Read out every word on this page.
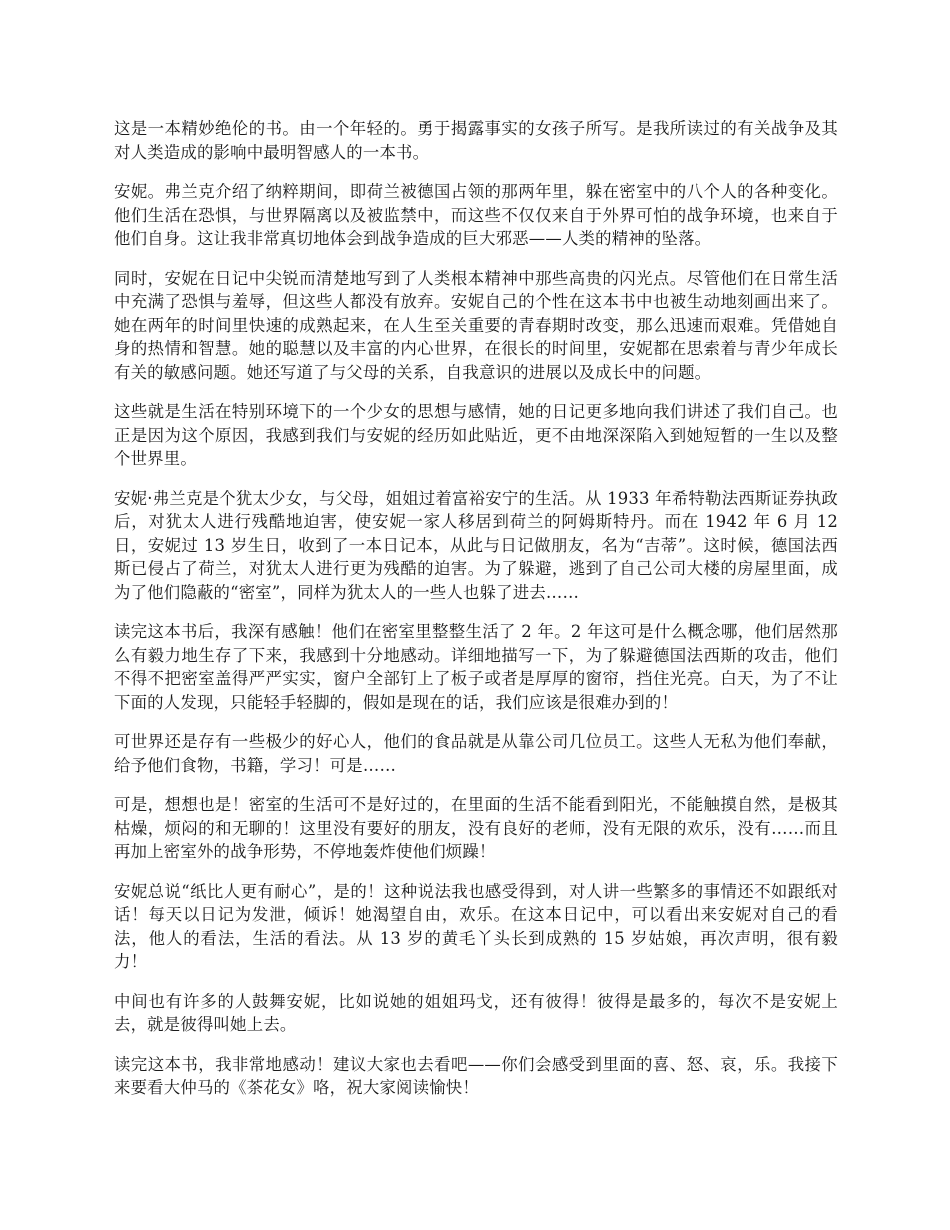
这是一本精妙绝伦的书。由一个年轻的。勇于揭露事实的女孩子所写。是我所读过的有关战争及其对人类造成的影响中最明智感人的一本书。

安妮。弗兰克介绍了纳粹期间，即荷兰被德国占领的那两年里，躲在密室中的八个人的各种变化。他们生活在恐惧，与世界隔离以及被监禁中，而这些不仅仅来自于外界可怕的战争环境，也来自于他们自身。这让我非常真切地体会到战争造成的巨大邪恶——人类的精神的坠落。

同时，安妮在日记中尖锐而清楚地写到了人类根本精神中那些高贵的闪光点。尽管他们在日常生活中充满了恐惧与羞辱，但这些人都没有放弃。安妮自己的个性在这本书中也被生动地刻画出来了。她在两年的时间里快速的成熟起来，在人生至关重要的青春期时改变，那么迅速而艰难。凭借她自身的热情和智慧。她的聪慧以及丰富的内心世界，在很长的时间里，安妮都在思索着与青少年成长有关的敏感问题。她还写道了与父母的关系，自我意识的进展以及成长中的问题。

这些就是生活在特别环境下的一个少女的思想与感情，她的日记更多地向我们讲述了我们自己。也正是因为这个原因，我感到我们与安妮的经历如此贴近，更不由地深深陷入到她短暂的一生以及整个世界里。

安妮·弗兰克是个犹太少女，与父母，姐姐过着富裕安宁的生活。从 1933 年希特勒法西斯证券执政后，对犹太人进行残酷地迫害，使安妮一家人移居到荷兰的阿姆斯特丹。而在 1942 年 6 月 12 日，安妮过 13 岁生日，收到了一本日记本，从此与日记做朋友，名为“吉蒂”。这时候，德国法西斯已侵占了荷兰，对犹太人进行更为残酷的迫害。为了躲避，逃到了自己公司大楼的房屋里面，成为了他们隐蔽的“密室”，同样为犹太人的一些人也躲了进去……

读完这本书后，我深有感触！他们在密室里整整生活了 2 年。2 年这可是什么概念哪，他们居然那么有毅力地生存了下来，我感到十分地感动。详细地描写一下，为了躲避德国法西斯的攻击，他们不得不把密室盖得严严实实，窗户全部钉上了板子或者是厚厚的窗帘，挡住光亮。白天，为了不让下面的人发现，只能轻手轻脚的，假如是现在的话，我们应该是很难办到的！

可世界还是存有一些极少的好心人，他们的食品就是从靠公司几位员工。这些人无私为他们奉献，给予他们食物，书籍，学习！可是……

可是，想想也是！密室的生活可不是好过的，在里面的生活不能看到阳光，不能触摸自然，是极其枯燥，烦闷的和无聊的！这里没有要好的朋友，没有良好的老师，没有无限的欢乐，没有……而且再加上密室外的战争形势，不停地轰炸使他们烦躁！

安妮总说“纸比人更有耐心”，是的！这种说法我也感受得到，对人讲一些繁多的事情还不如跟纸对话！每天以日记为发泄，倾诉！她渴望自由，欢乐。在这本日记中，可以看出来安妮对自己的看法，他人的看法，生活的看法。从 13 岁的黄毛丫头长到成熟的 15 岁姑娘，再次声明，很有毅力！

中间也有许多的人鼓舞安妮，比如说她的姐姐玛戈，还有彼得！彼得是最多的，每次不是安妮上去，就是彼得叫她上去。

读完这本书，我非常地感动！建议大家也去看吧——你们会感受到里面的喜、怒、哀，乐。我接下来要看大仲马的《茶花女》咯，祝大家阅读愉快！
